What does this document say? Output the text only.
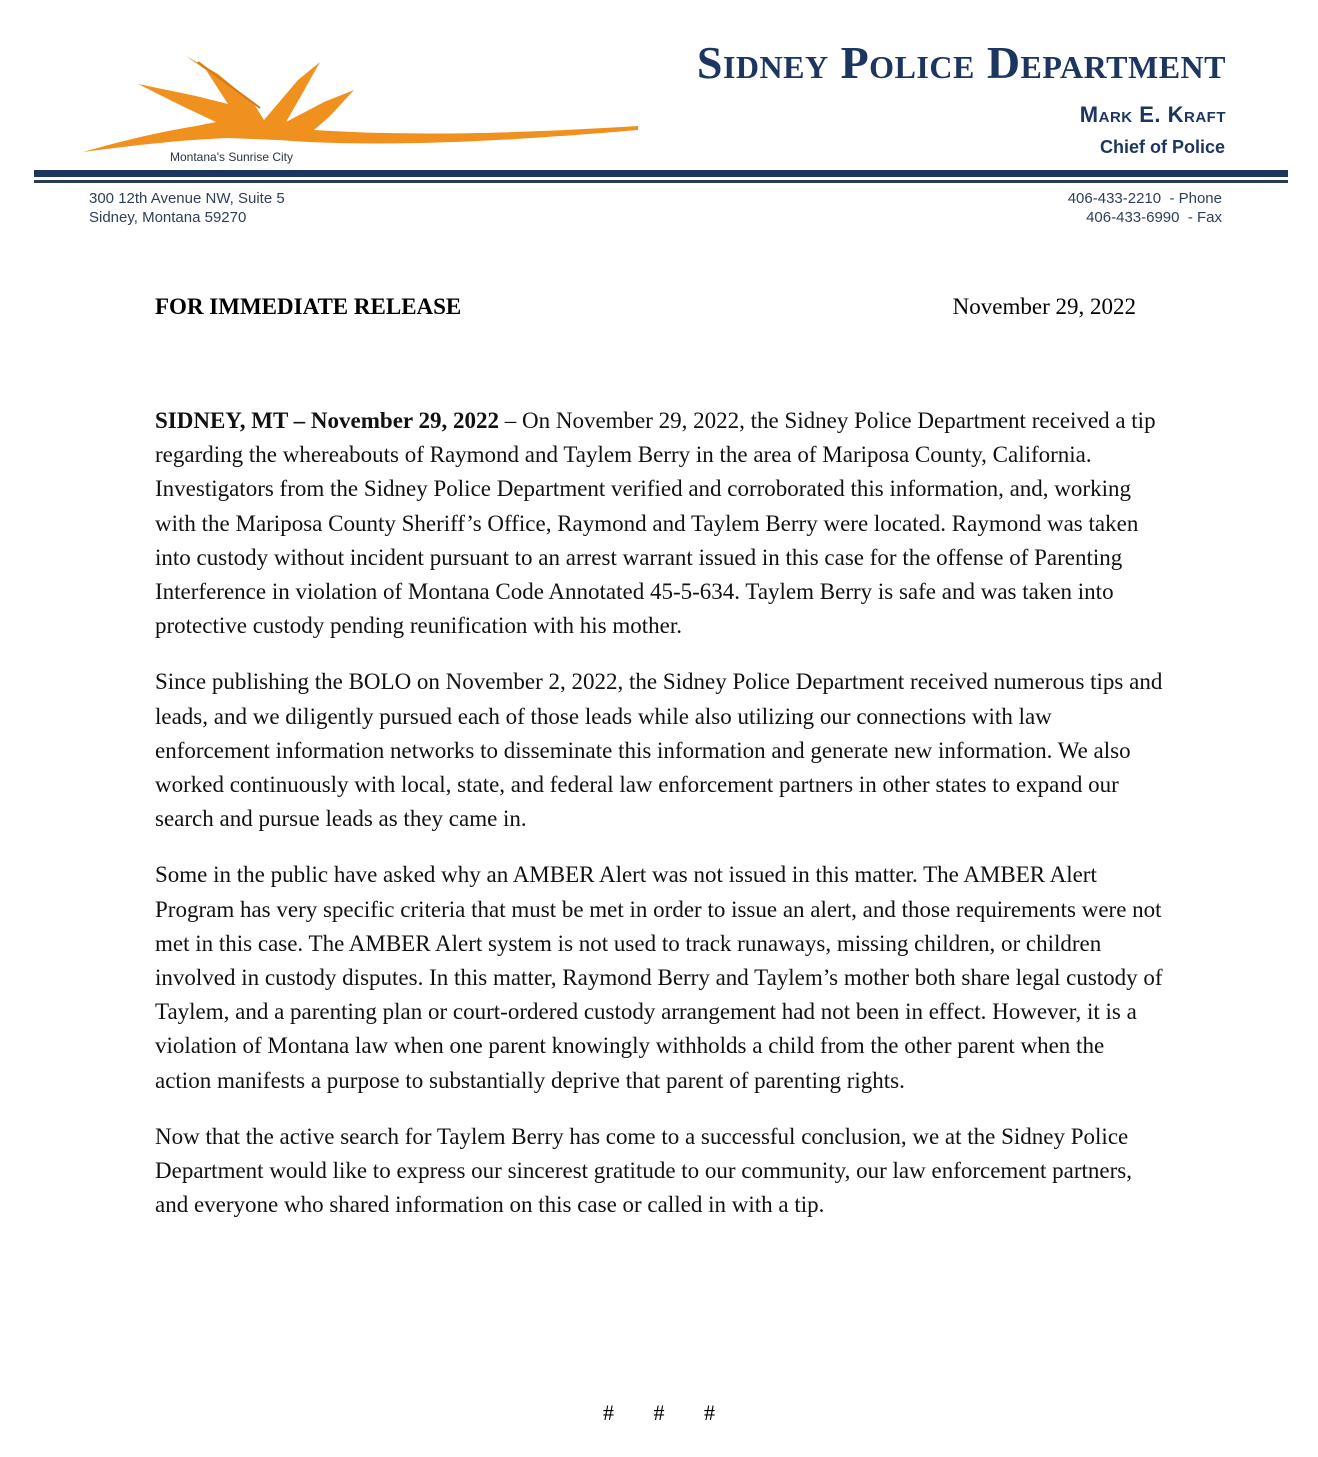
Montana's Sunrise City
Sidney Police Department
Mark E. Kraft
Chief of Police
300 12th Avenue NW, Suite 5
Sidney, Montana 59270
406-433-2210  - Phone
406-433-6990  - Fax
FOR IMMEDIATE RELEASE	November 29, 2022

SIDNEY, MT – November 29, 2022 – On November 29, 2022, the Sidney Police Department received a tip regarding the whereabouts of Raymond and Taylem Berry in the area of Mariposa County, California. Investigators from the Sidney Police Department verified and corroborated this information, and, working with the Mariposa County Sheriff’s Office, Raymond and Taylem Berry were located. Raymond was taken into custody without incident pursuant to an arrest warrant issued in this case for the offense of Parenting Interference in violation of Montana Code Annotated 45-5-634. Taylem Berry is safe and was taken into protective custody pending reunification with his mother.

Since publishing the BOLO on November 2, 2022, the Sidney Police Department received numerous tips and leads, and we diligently pursued each of those leads while also utilizing our connections with law enforcement information networks to disseminate this information and generate new information. We also worked continuously with local, state, and federal law enforcement partners in other states to expand our search and pursue leads as they came in.

Some in the public have asked why an AMBER Alert was not issued in this matter. The AMBER Alert Program has very specific criteria that must be met in order to issue an alert, and those requirements were not met in this case. The AMBER Alert system is not used to track runaways, missing children, or children involved in custody disputes. In this matter, Raymond Berry and Taylem’s mother both share legal custody of Taylem, and a parenting plan or court-ordered custody arrangement had not been in effect. However, it is a violation of Montana law when one parent knowingly withholds a child from the other parent when the action manifests a purpose to substantially deprive that parent of parenting rights.

Now that the active search for Taylem Berry has come to a successful conclusion, we at the Sidney Police Department would like to express our sincerest gratitude to our community, our law enforcement partners, and everyone who shared information on this case or called in with a tip.

# # #
